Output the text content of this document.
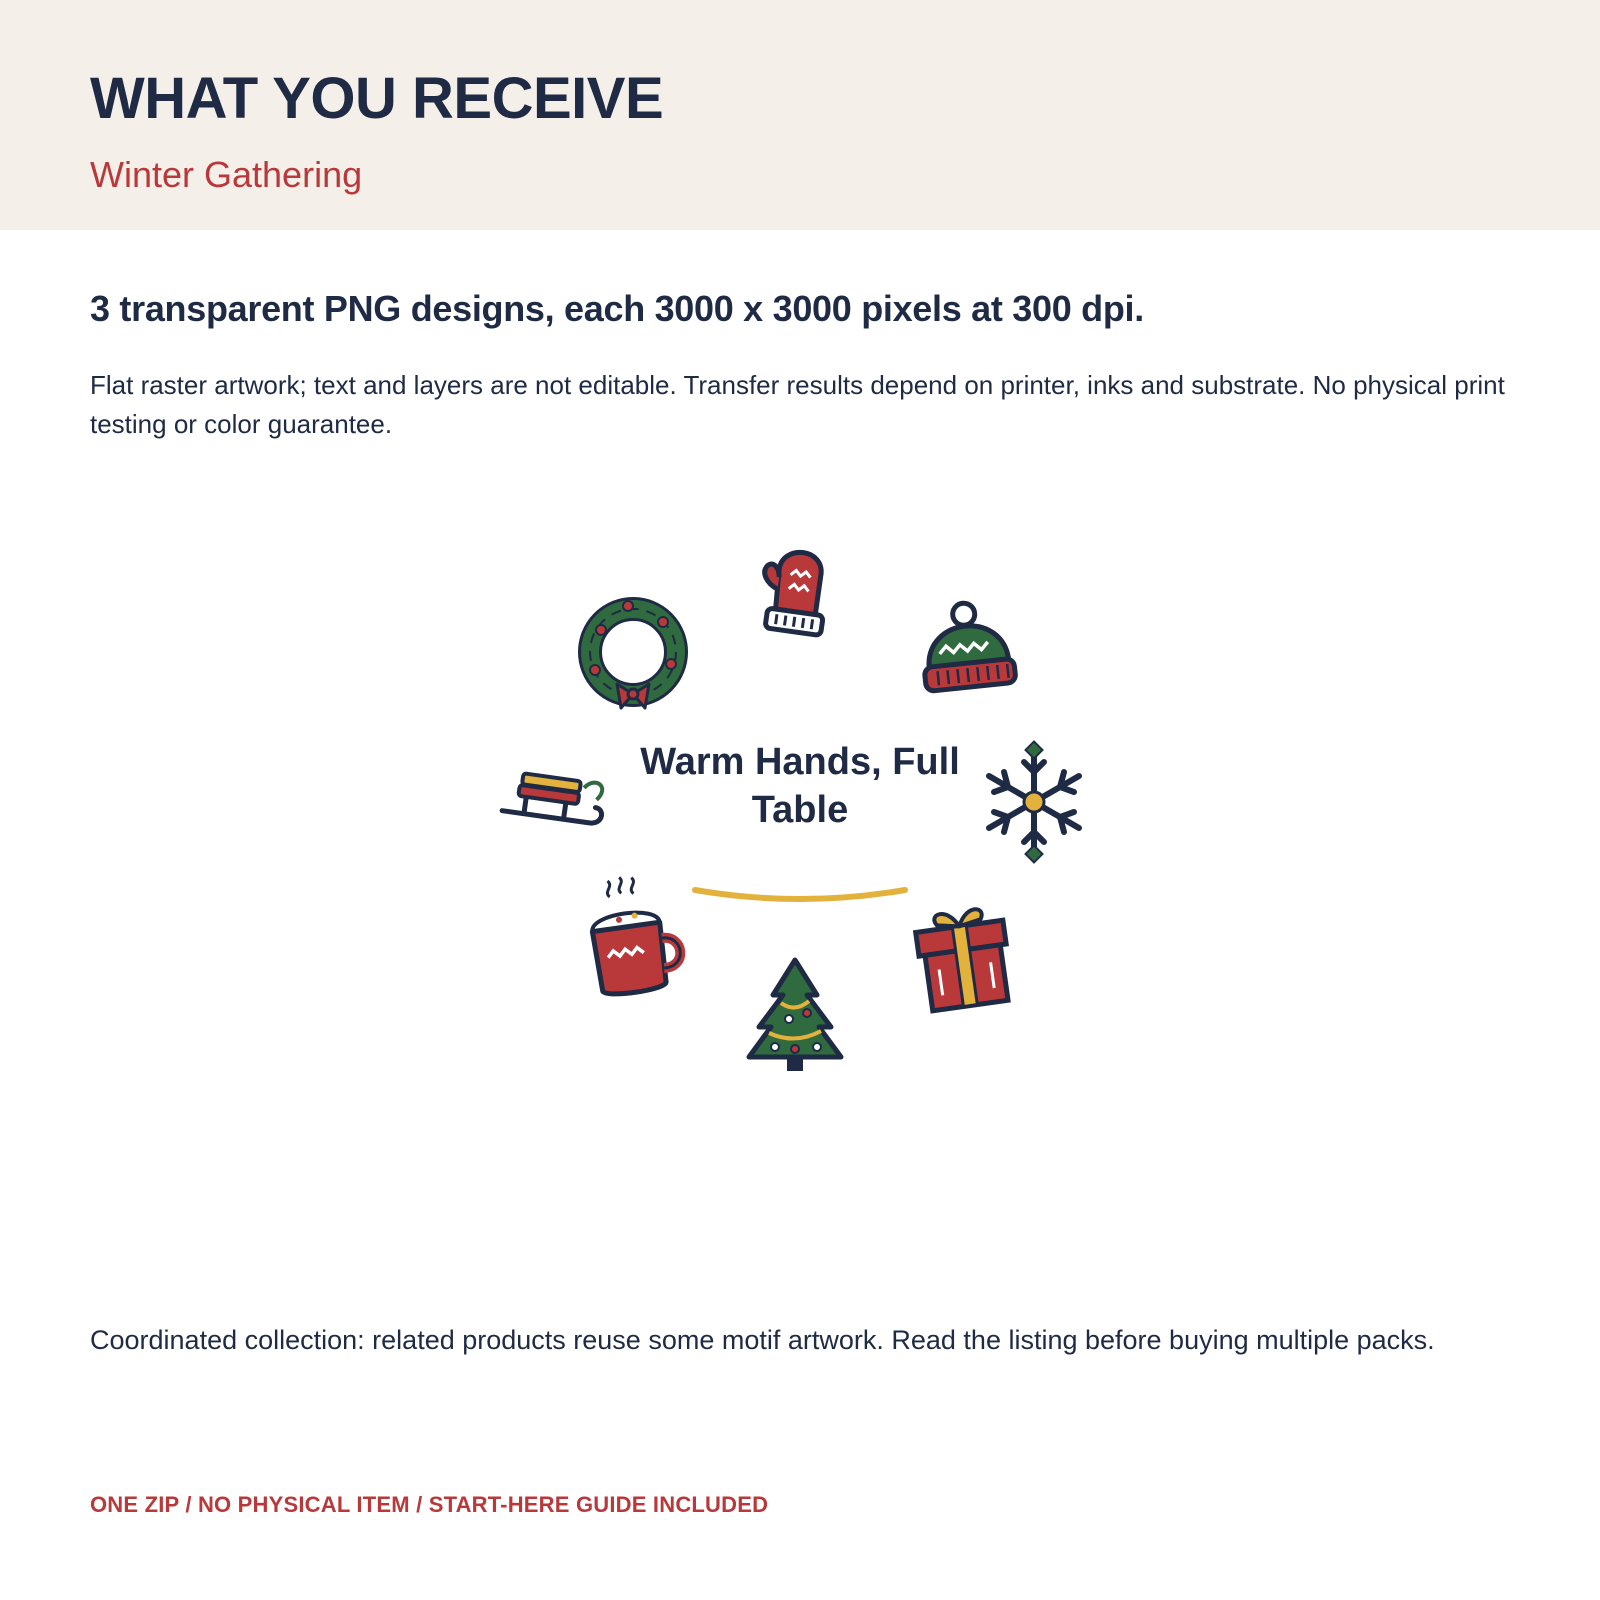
WHAT YOU RECEIVE
Winter Gathering
3 transparent PNG designs, each 3000 x 3000 pixels at 300 dpi.
Flat raster artwork; text and layers are not editable. Transfer results depend on printer, inks and substrate. No physical print testing or color guarantee.
Warm Hands, Full Table
Coordinated collection: related products reuse some motif artwork. Read the listing before buying multiple packs.
ONE ZIP / NO PHYSICAL ITEM / START-HERE GUIDE INCLUDED
